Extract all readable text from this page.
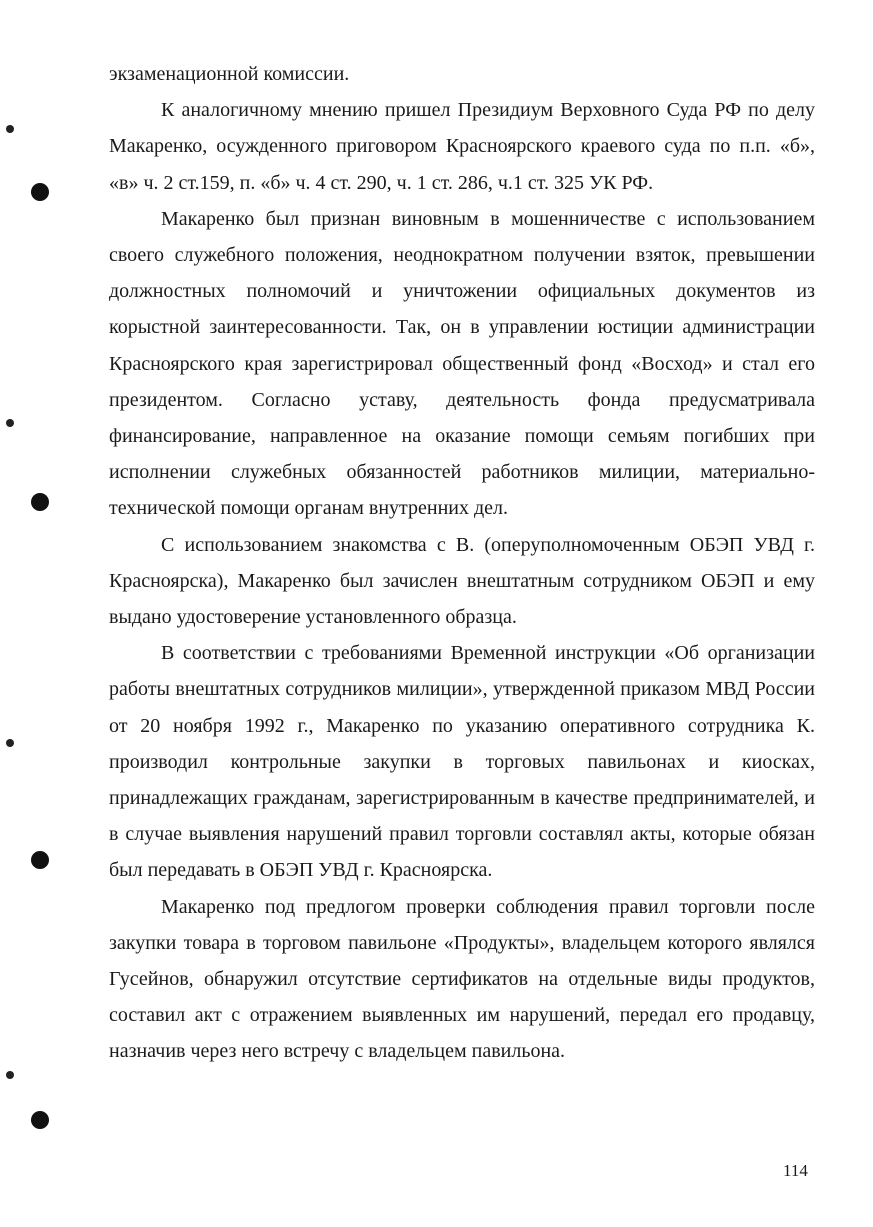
экзаменационной комиссии.

К аналогичному мнению пришел Президиум Верховного Суда РФ по делу Макаренко, осужденного приговором Красноярского краевого суда по п.п. «б», «в» ч. 2 ст.159, п. «б» ч. 4 ст. 290, ч. 1 ст. 286, ч.1 ст. 325 УК РФ.

Макаренко был признан виновным в мошенничестве с использованием своего служебного положения, неоднократном получении взяток, превышении должностных полномочий и уничтожении официальных документов из корыстной заинтересованности. Так, он в управлении юстиции администрации Красноярского края зарегистрировал общественный фонд «Восход» и стал его президентом. Согласно уставу, деятельность фонда предусматривала финансирование, направленное на оказание помощи семьям погибших при исполнении служебных обязанностей работников милиции, материально-технической помощи органам внутренних дел.

С использованием знакомства с В. (оперуполномоченным ОБЭП УВД г. Красноярска), Макаренко был зачислен внештатным сотрудником ОБЭП и ему выдано удостоверение установленного образца.

В соответствии с требованиями Временной инструкции «Об организации работы внештатных сотрудников милиции», утвержденной приказом МВД России от 20 ноября 1992 г., Макаренко по указанию оперативного сотрудника К. производил контрольные закупки в торговых павильонах и киосках, принадлежащих гражданам, зарегистрированным в качестве предпринимателей, и в случае выявления нарушений правил торговли составлял акты, которые обязан был передавать в ОБЭП УВД г. Красноярска.

Макаренко под предлогом проверки соблюдения правил торговли после закупки товара в торговом павильоне «Продукты», владельцем которого являлся Гусейнов, обнаружил отсутствие сертификатов на отдельные виды продуктов, составил акт с отражением выявленных им нарушений, передал его продавцу, назначив через него встречу с владельцем павильона.

114
